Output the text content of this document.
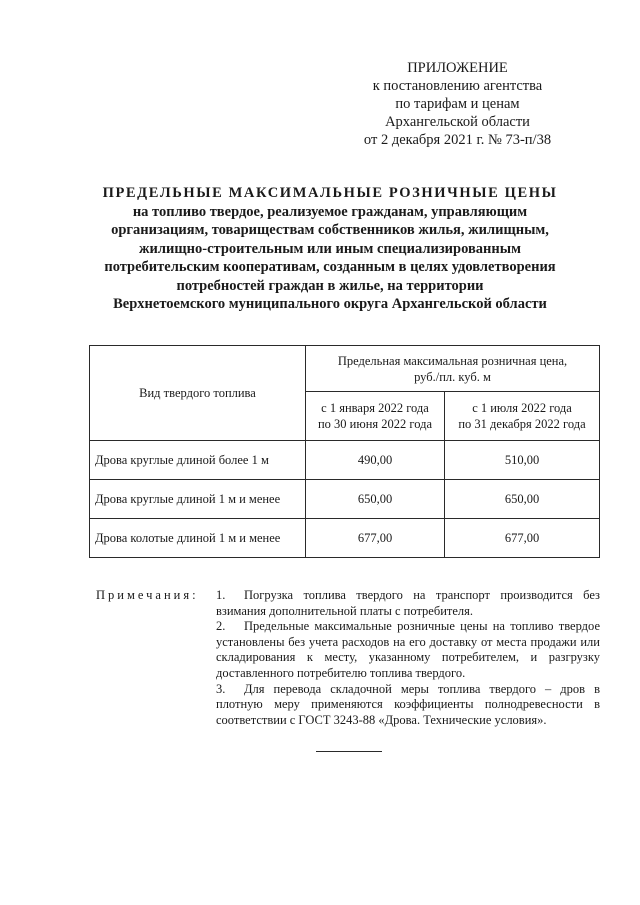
ПРИЛОЖЕНИЕ
к постановлению агентства
по тарифам и ценам
Архангельской области
от 2 декабря 2021 г. № 73-п/38
ПРЕДЕЛЬНЫЕ МАКСИМАЛЬНЫЕ РОЗНИЧНЫЕ ЦЕНЫ
на топливо твердое, реализуемое гражданам, управляющим
организациям, товариществам собственников жилья, жилищным,
жилищно-строительным или иным специализированным
потребительским кооперативам, созданным в целях удовлетворения
потребностей граждан в жилье, на территории
Верхнетоемского муниципального округа Архангельской области
Вид твердого топлива	Предельная максимальная розничная цена,
руб./пл. куб. м	
	с 1 января 2022 года
по 30 июня 2022 года	с 1 июля 2022 года
по 31 декабря 2022 года
Дрова круглые длиной более 1 м	490,00	510,00
Дрова круглые длиной 1 м и менее	650,00	650,00
Дрова колотые длиной 1 м и менее	677,00	677,00
Примечания: 1. Погрузка топлива твердого на транспорт производится без взимания дополнительной платы с потребителя.
2. Предельные максимальные розничные цены на топливо твердое установлены без учета расходов на его доставку от места продажи или складирования к месту, указанному потребителем, и разгрузку доставленного потребителю топлива твердого.
3. Для перевода складочной меры топлива твердого – дров в плотную меру применяются коэффициенты полнодревесности в соответствии с ГОСТ 3243-88 «Дрова. Технические условия».
